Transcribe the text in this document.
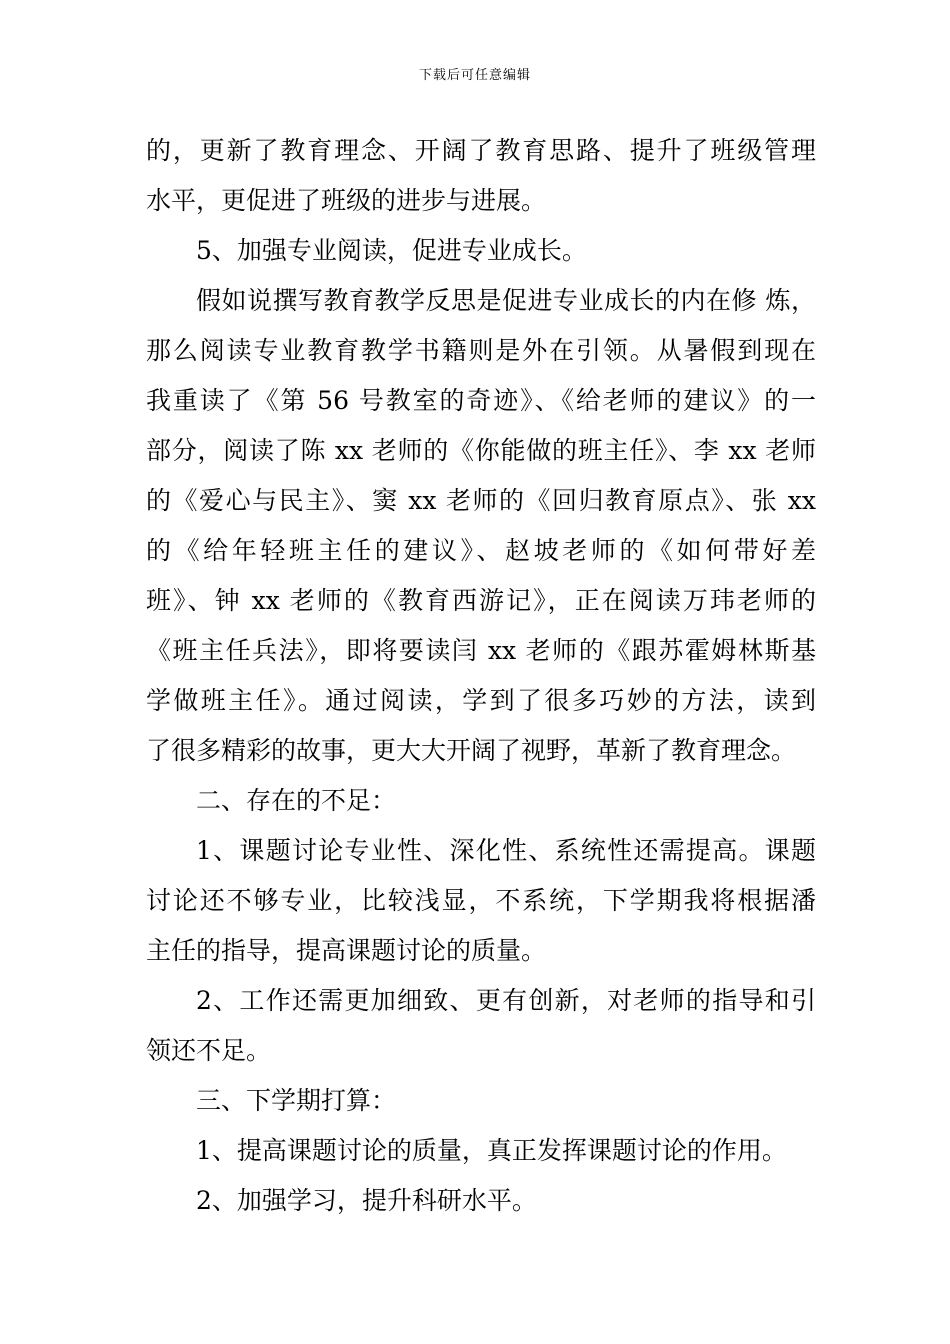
下载后可任意编辑

的，更新了教育理念、开阔了教育思路、提升了班级管理
水平，更促进了班级的进步与进展。

5、加强专业阅读，促进专业成长。

假如说撰写教育教学反思是促进专业成长的内在修 炼，
那么阅读专业教育教学书籍则是外在引领。从暑假到现在
我重读了《第 56 号教室的奇迹》、《给老师的建议》的一
部分，阅读了陈 xx 老师的《你能做的班主任》、李 xx 老师
的《爱心与民主》、窦 xx 老师的《回归教育原点》、张 xx
的《给年轻班主任的建议》、赵坡老师的《如何带好差
班》、钟 xx 老师的《教育西游记》，正在阅读万玮老师的
《班主任兵法》，即将要读闫 xx 老师的《跟苏霍姆林斯基
学做班主任》。通过阅读，学到了很多巧妙的方法，读到
了很多精彩的故事，更大大开阔了视野，革新了教育理念。

二、存在的不足：

1、课题讨论专业性、深化性、系统性还需提高。课题
讨论还不够专业，比较浅显，不系统，下学期我将根据潘
主任的指导，提高课题讨论的质量。

2、工作还需更加细致、更有创新，对老师的指导和引
领还不足。

三、下学期打算：

1、提高课题讨论的质量，真正发挥课题讨论的作用。

2、加强学习，提升科研水平。
